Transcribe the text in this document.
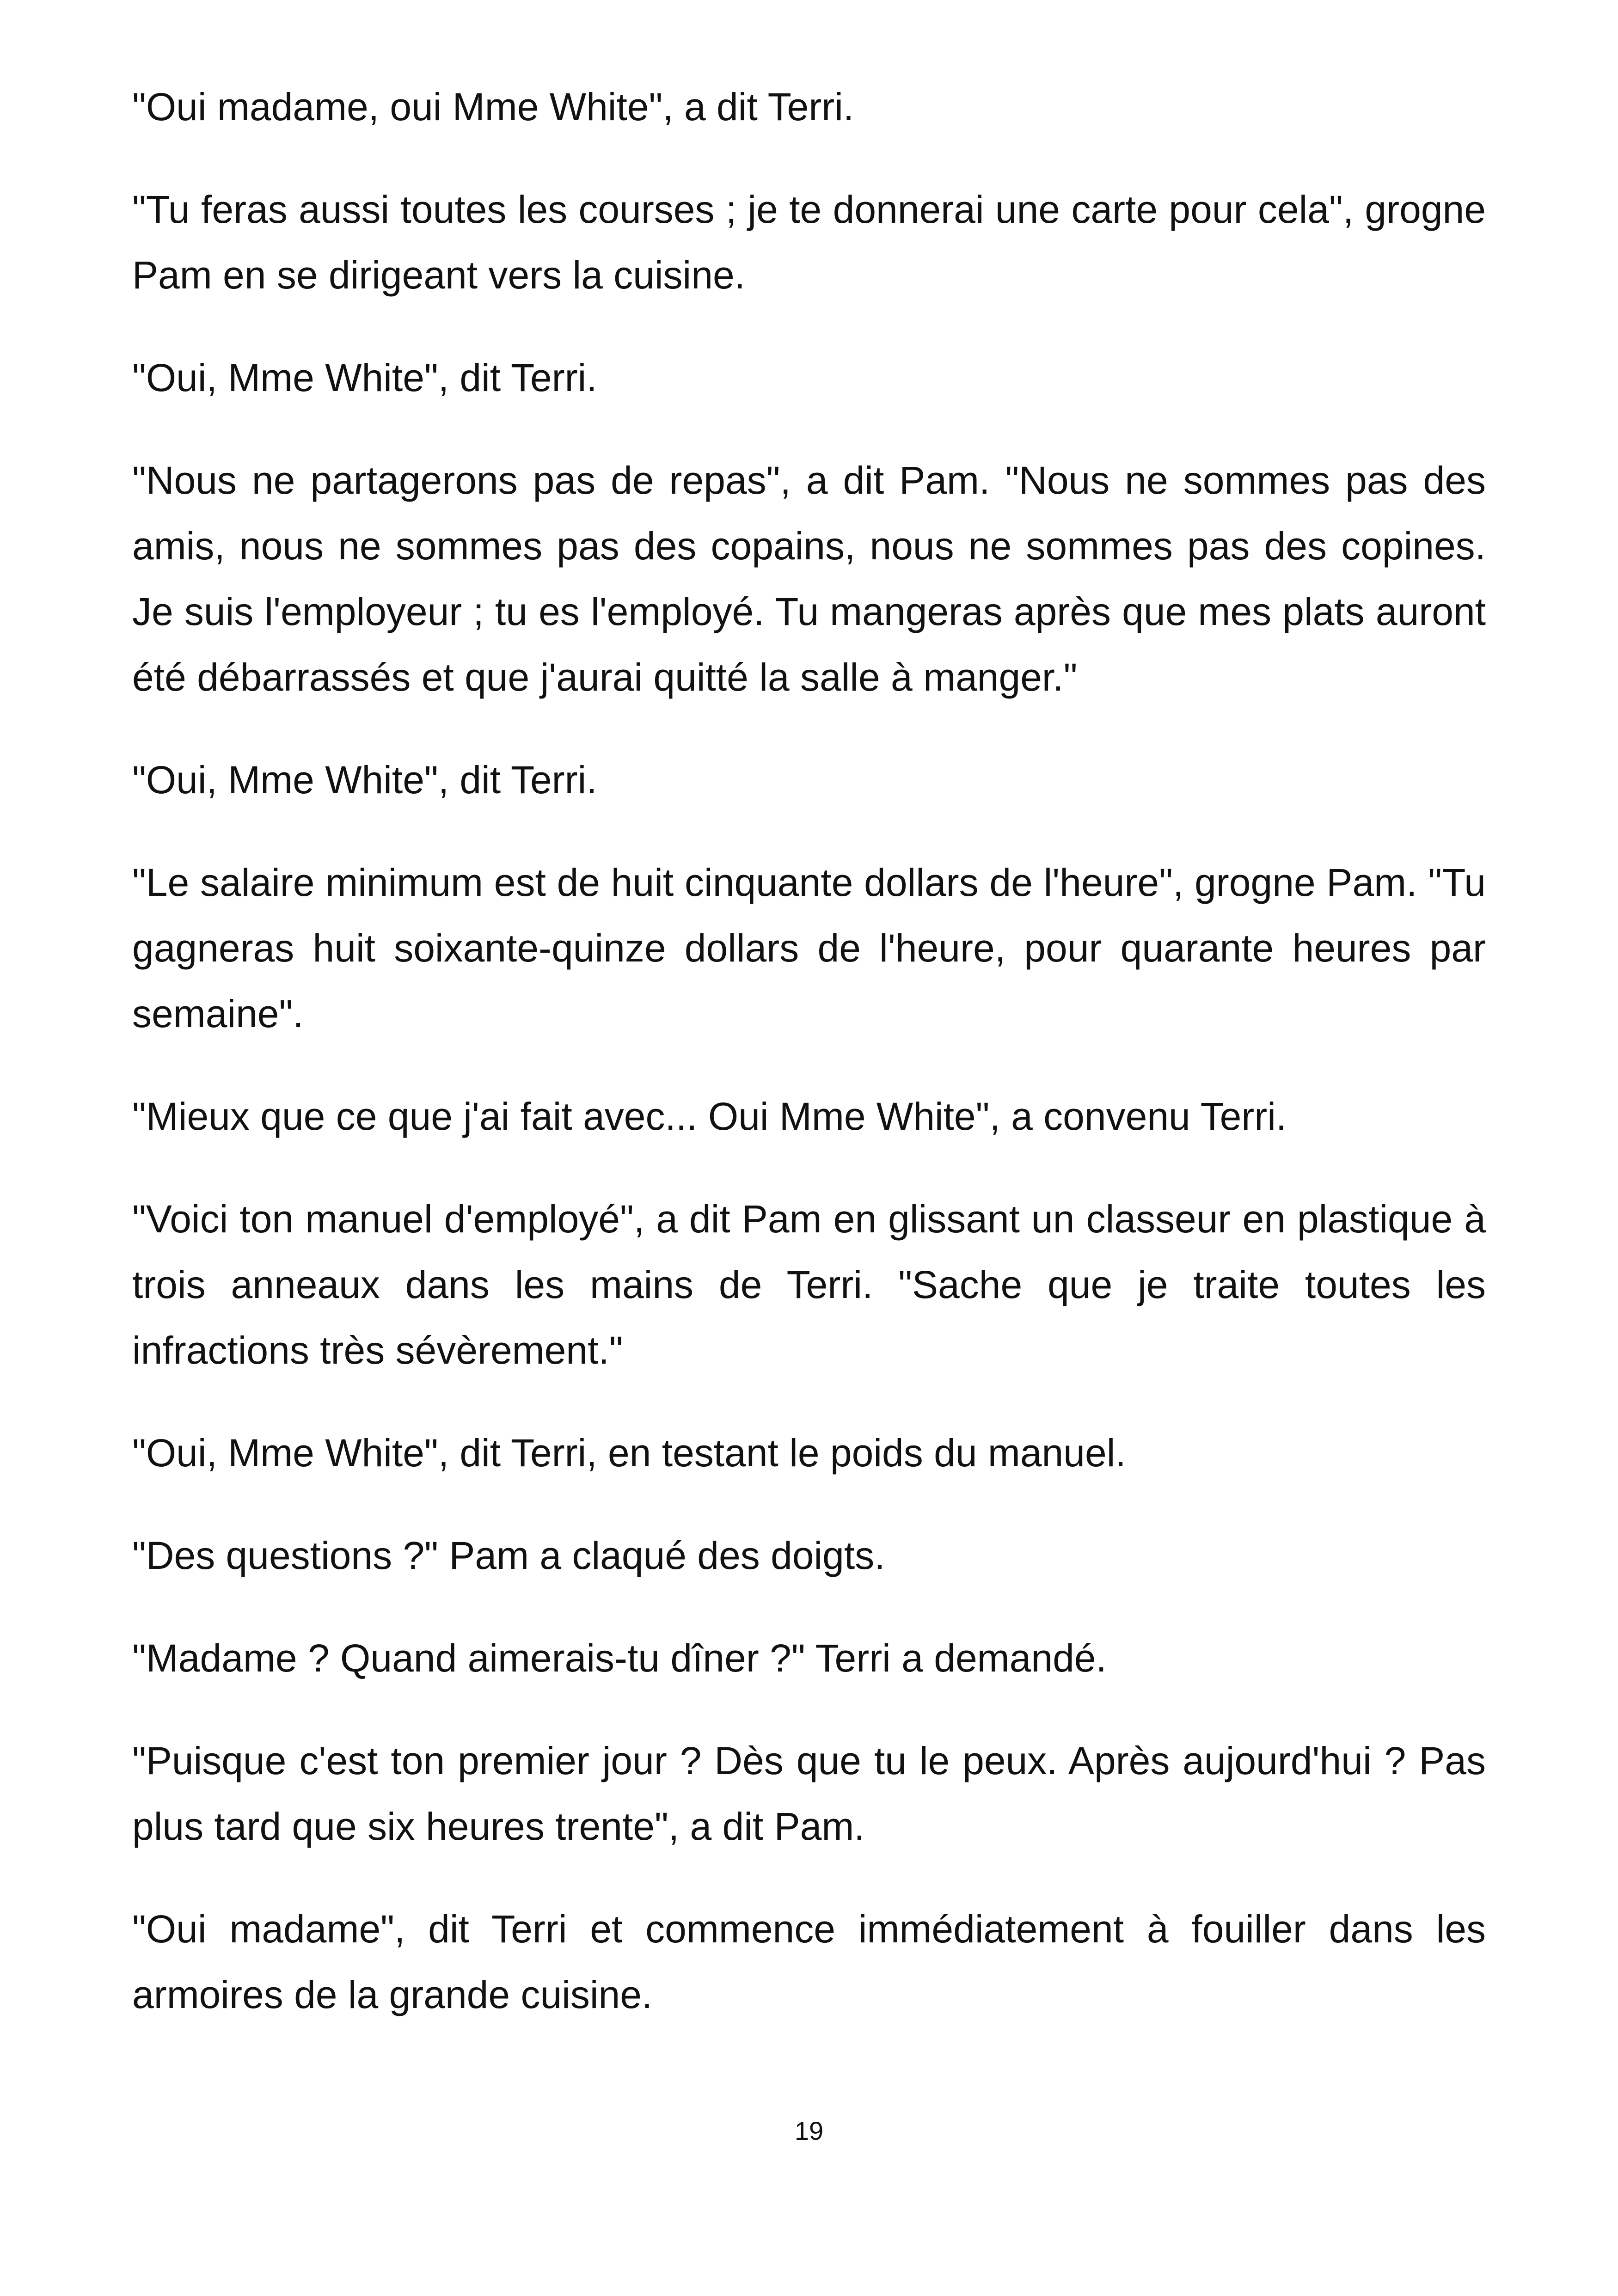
"Oui madame, oui Mme White", a dit Terri.

"Tu feras aussi toutes les courses ; je te donnerai une carte pour cela", grogne Pam en se dirigeant vers la cuisine.

"Oui, Mme White", dit Terri.

"Nous ne partagerons pas de repas", a dit Pam. "Nous ne sommes pas des amis, nous ne sommes pas des copains, nous ne sommes pas des copines. Je suis l'employeur ; tu es l'employé. Tu mangeras après que mes plats auront été débarrassés et que j'aurai quitté la salle à manger."

"Oui, Mme White", dit Terri.

"Le salaire minimum est de huit cinquante dollars de l'heure", grogne Pam. "Tu gagneras huit soixante-quinze dollars de l'heure, pour quarante heures par semaine".

"Mieux que ce que j'ai fait avec... Oui Mme White", a convenu Terri.

"Voici ton manuel d'employé", a dit Pam en glissant un classeur en plastique à trois anneaux dans les mains de Terri. "Sache que je traite toutes les infractions très sévèrement."

"Oui, Mme White", dit Terri, en testant le poids du manuel.

"Des questions ?" Pam a claqué des doigts.

"Madame ? Quand aimerais-tu dîner ?" Terri a demandé.

"Puisque c'est ton premier jour ? Dès que tu le peux. Après aujourd'hui ? Pas plus tard que six heures trente", a dit Pam.

"Oui madame", dit Terri et commence immédiatement à fouiller dans les armoires de la grande cuisine.

19
